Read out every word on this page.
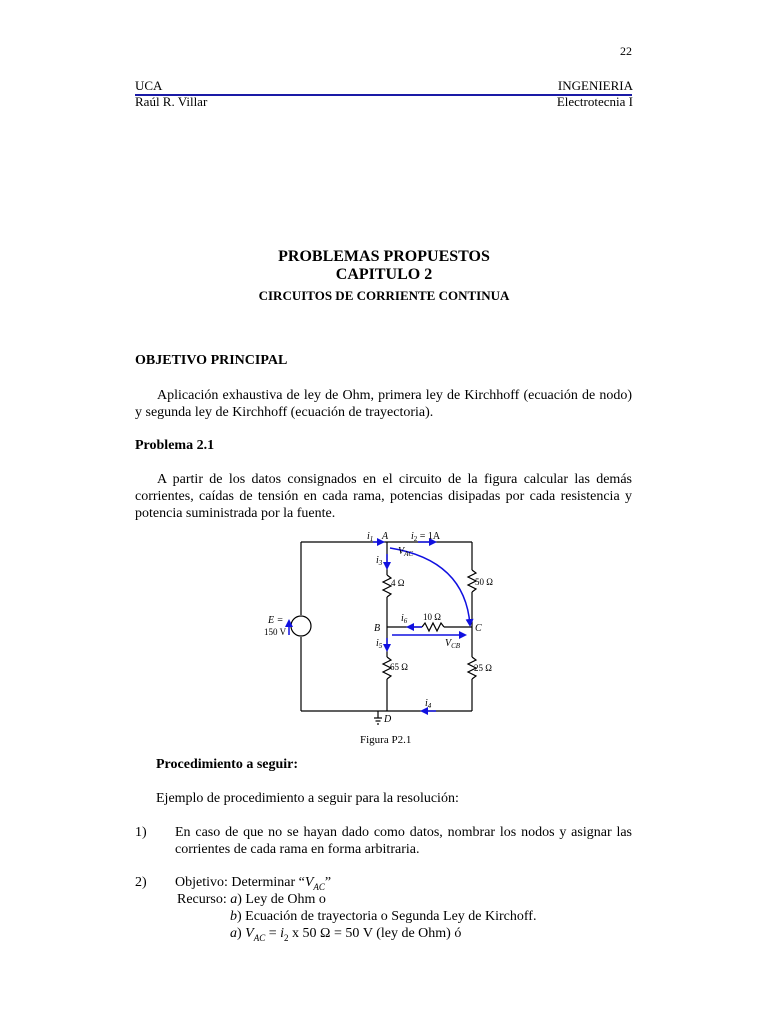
22
UCA
Raúl R. Villar
INGENIERIA
Electrotecnia I
PROBLEMAS PROPUESTOS
CAPITULO 2
CIRCUITOS DE CORRIENTE CONTINUA
OBJETIVO PRINCIPAL
Aplicación exhaustiva de ley de Ohm, primera ley de Kirchhoff (ecuación de nodo) y segunda ley de Kirchhoff (ecuación de trayectoria).
Problema 2.1
A partir de los datos consignados en el circuito de la figura calcular las demás corrientes, caídas de tensión en cada rama, potencias disipadas por cada resistencia y potencia suministrada por la fuente.
$i_1$ A $i_2 = 1A$
$V_{AC}$
$i_3$
4 Ω	50 Ω
$i_6$ 10 Ω
B	C
E =
150 V
$i_5$	$V_{CB}$
65 Ω	25 Ω
$i_4$
D
Figura P2.1
Procedimiento a seguir:
Ejemplo de procedimiento a seguir para la resolución:
1) En caso de que no se hayan dado como datos, nombrar los nodos y asignar las corrientes de cada rama en forma arbitraria.
2) Objetivo: Determinar “$V_{AC}$”
Recurso: a) Ley de Ohm o
b) Ecuación de trayectoria o Segunda Ley de Kirchoff.
a) $V_{AC} = i_2$ x 50 Ω = 50 V (ley de Ohm) ó
